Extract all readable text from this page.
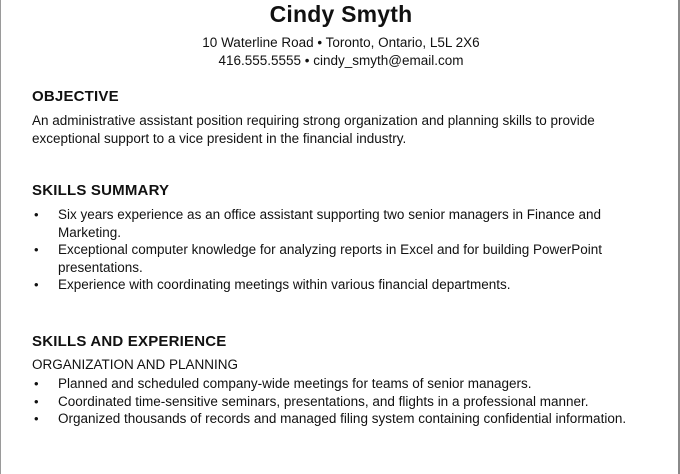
Cindy Smyth
10 Waterline Road • Toronto, Ontario, L5L 2X6
416.555.5555 • cindy_smyth@email.com
OBJECTIVE
An administrative assistant position requiring strong organization and planning skills to provide exceptional support to a vice president in the financial industry.
SKILLS SUMMARY
• Six years experience as an office assistant supporting two senior managers in Finance and Marketing.
• Exceptional computer knowledge for analyzing reports in Excel and for building PowerPoint presentations.
• Experience with coordinating meetings within various financial departments.
SKILLS AND EXPERIENCE
ORGANIZATION AND PLANNING
• Planned and scheduled company-wide meetings for teams of senior managers.
• Coordinated time-sensitive seminars, presentations, and flights in a professional manner.
• Organized thousands of records and managed filing system containing confidential information.
